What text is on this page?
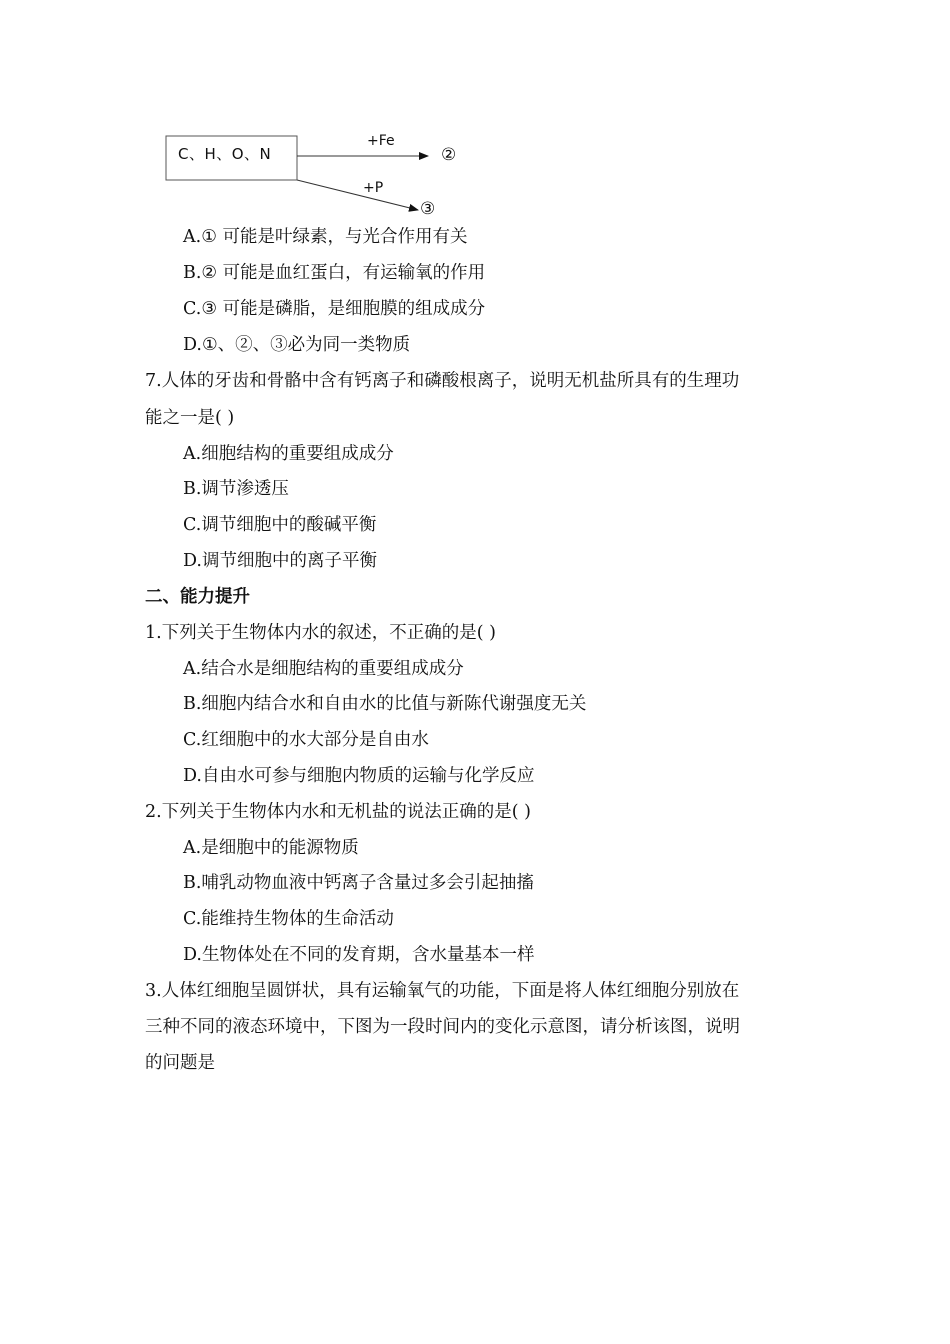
C、H、O、N
+Fe
+P
②
③
A.① 可能是叶绿素，与光合作用有关
B.② 可能是血红蛋白，有运输氧的作用
C.③ 可能是磷脂，是细胞膜的组成成分
D.①、②、③必为同一类物质
7.人体的牙齿和骨骼中含有钙离子和磷酸根离子，说明无机盐所具有的生理功
能之一是( )
A.细胞结构的重要组成成分
B.调节渗透压
C.调节细胞中的酸碱平衡
D.调节细胞中的离子平衡
二、能力提升
1.下列关于生物体内水的叙述，不正确的是( )
A.结合水是细胞结构的重要组成成分
B.细胞内结合水和自由水的比值与新陈代谢强度无关
C.红细胞中的水大部分是自由水
D.自由水可参与细胞内物质的运输与化学反应
2.下列关于生物体内水和无机盐的说法正确的是( )
A.是细胞中的能源物质
B.哺乳动物血液中钙离子含量过多会引起抽搐
C.能维持生物体的生命活动
D.生物体处在不同的发育期，含水量基本一样
3.人体红细胞呈圆饼状，具有运输氧气的功能，下面是将人体红细胞分别放在
三种不同的液态环境中，下图为一段时间内的变化示意图，请分析该图，说明
的问题是
